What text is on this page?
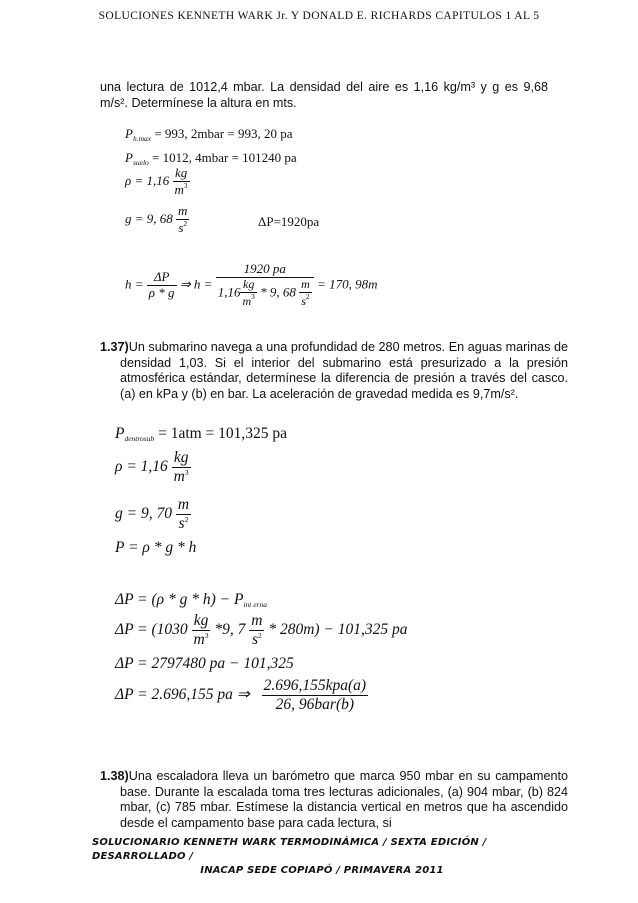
SOLUCIONES KENNETH WARK Jr. Y DONALD E. RICHARDS CAPITULOS 1 AL 5
una lectura de 1012,4 mbar. La densidad del aire es 1,16 kg/m³ y g es 9,68 m/s². Determínese la altura en mts.
$P_{h.max} = 993$, 2mbar = 993, 20 pa
$P_{suelo} = 1012$, 4mbar = 101240 pa
$\rho = 1,16 \frac{kg}{m^3}$
g = 9, $68 \frac{m}{s^2}$	ΔP=1920pa
$h = \frac{\Delta P}{\rho * g}$ ⇒ $h = \frac{1920 pa}{1,16 \frac{kg}{m^3} * 9, 68 \frac{m}{s^2}} = 170$, 98m
1.37)Un submarino navega a una profundidad de 280 metros. En aguas marinas de densidad 1,03. Si el interior del submarino está presurizado a la presión atmosférica estándar, determínese la diferencia de presión a través del casco. (a) en kPa y (b) en bar. La aceleración de gravedad medida es 9,7m/s².
$P_{dentrosub} = 1atm = 101,325$ pa
$\rho = 1,16 \frac{kg}{m^3}$
g = 9, $70 \frac{m}{s^2}$
P = ρ * g * h
$\Delta P = (\rho * g * h) - P_{int erna}$
$\Delta P = (1030 \frac{kg}{m^3} *9$, $7 \frac{m}{s^2} * 280m) - 101,325$ pa
ΔP = 2797480 pa − 101,325
ΔP = 2.696,155 pa ⇒ $\frac{\text{2.696,155kpa(a)}}{\text{26, 96bar(b)}}$
1.38)Una escaladora lleva un barómetro que marca 950 mbar en su campamento base. Durante la escalada toma tres lecturas adicionales, (a) 904 mbar, (b) 824 mbar, (c) 785 mbar. Estímese la distancia vertical en metros que ha ascendido desde el campamento base para cada lectura, si
SOLUCIONARIO KENNETH WARK TERMODINÁMICA / SEXTA EDICIÓN / DESARROLLADO /
INACAP SEDE COPIAPÓ / PRIMAVERA 2011
